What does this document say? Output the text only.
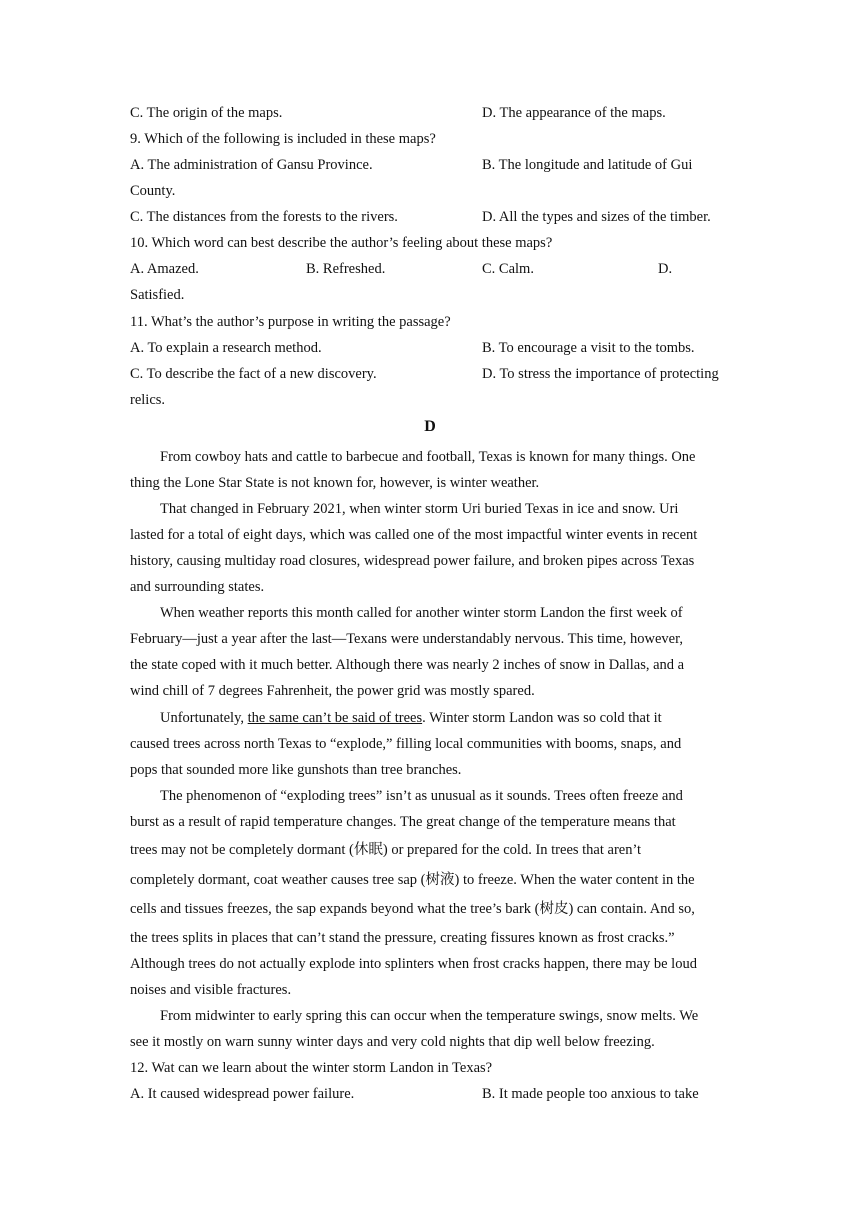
C. The origin of the maps.	D. The appearance of the maps.
9. Which of the following is included in these maps?
A. The administration of Gansu Province.	B. The longitude and latitude of Gui
County.
C. The distances from the forests to the rivers.	D. All the types and sizes of the timber.
10. Which word can best describe the author’s feeling about these maps?
A. Amazed.	B. Refreshed.	C. Calm.	D.
Satisfied.
11. What’s the author’s purpose in writing the passage?
A. To explain a research method.	B. To encourage a visit to the tombs.
C. To describe the fact of a new discovery.	D. To stress the importance of protecting
relics.
D
From cowboy hats and cattle to barbecue and football, Texas is known for many things. One
thing the Lone Star State is not known for, however, is winter weather.
That changed in February 2021, when winter storm Uri buried Texas in ice and snow. Uri
lasted for a total of eight days, which was called one of the most impactful winter events in recent
history, causing multiday road closures, widespread power failure, and broken pipes across Texas
and surrounding states.
When weather reports this month called for another winter storm Landon the first week of
February—just a year after the last—Texans were understandably nervous. This time, however,
the state coped with it much better. Although there was nearly 2 inches of snow in Dallas, and a
wind chill of 7 degrees Fahrenheit, the power grid was mostly spared.
Unfortunately, the same can’t be said of trees. Winter storm Landon was so cold that it
caused trees across north Texas to “explode,” filling local communities with booms, snaps, and
pops that sounded more like gunshots than tree branches.
The phenomenon of “exploding trees” isn’t as unusual as it sounds. Trees often freeze and
burst as a result of rapid temperature changes. The great change of the temperature means that
trees may not be completely dormant (休眠) or prepared for the cold. In trees that aren’t
completely dormant, coat weather causes tree sap (树液) to freeze. When the water content in the
cells and tissues freezes, the sap expands beyond what the tree’s bark (树皮) can contain. And so,
the trees splits in places that can’t stand the pressure, creating fissures known as frost cracks.”
Although trees do not actually explode into splinters when frost cracks happen, there may be loud
noises and visible fractures.
From midwinter to early spring this can occur when the temperature swings, snow melts. We
see it mostly on warn sunny winter days and very cold nights that dip well below freezing.
12. Wat can we learn about the winter storm Landon in Texas?
A. It caused widespread power failure.	B. It made people too anxious to take
